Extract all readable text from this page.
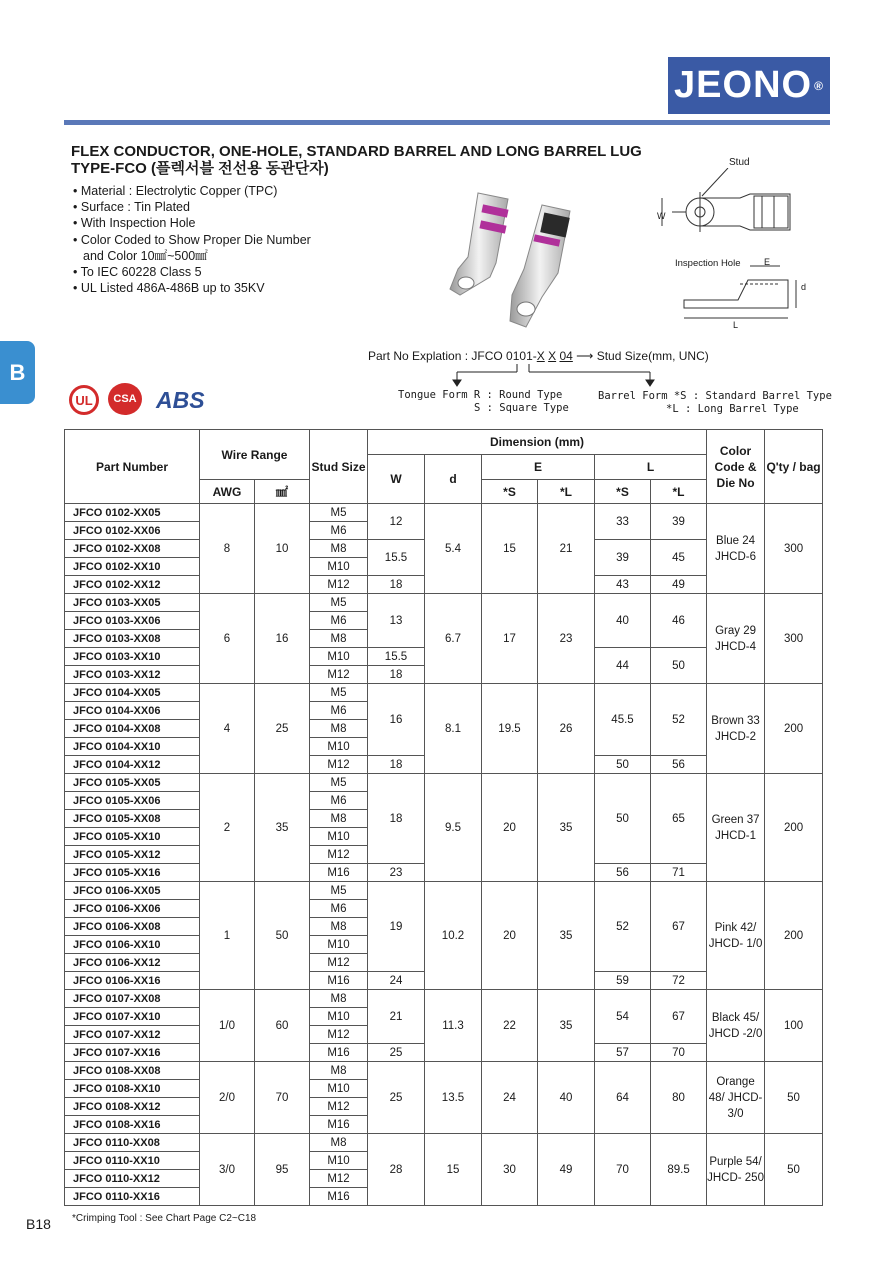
JEONO ®
FLEX CONDUCTOR, ONE-HOLE, STANDARD BARREL AND LONG BARREL LUG
TYPE-FCO (플렉서블 전선용 동관단자)
• Material : Electrolytic Copper (TPC)
• Surface : Tin Plated
• With Inspection Hole
• Color Coded to Show Proper Die Number
and Color 10㎟~500㎟
• To IEC 60228 Class 5
• UL Listed 486A-486B up to 35KV
Stud
W
Inspection Hole	E
d
L
B
UL	CSA ABS
Part No Explation : JFCO 0101-X X 04 ⟶ Stud Size(mm, UNC)
Tongue Form R : Round Type
S : Square Type
Barrel Form *S : Standard Barrel Type
*L : Long Barrel Type
Part Number	Wire Range		Stud Size	Dimension (mm)						Color Code & Die No	Q'ty / bag
				W	d	E		L			
	AWG	㎟				*S	*L	*S	*L		
JFCO 0102-XX05	8	10	M5	12	5.4	15	21	33	39	Blue 24 JHCD-6	300
JFCO 0102-XX06			M6								
JFCO 0102-XX08			M8	15.5				39	45		
JFCO 0102-XX10			M10								
JFCO 0102-XX12			M12	18				43	49		
JFCO 0103-XX05	6	16	M5	13	6.7	17	23	40	46	Gray 29 JHCD-4	300
JFCO 0103-XX06			M6								
JFCO 0103-XX08			M8								
JFCO 0103-XX10			M10	15.5				44	50		
JFCO 0103-XX12			M12	18							
JFCO 0104-XX05	4	25	M5	16	8.1	19.5	26	45.5	52	Brown 33 JHCD-2	200
JFCO 0104-XX06			M6								
JFCO 0104-XX08			M8								
JFCO 0104-XX10			M10								
JFCO 0104-XX12			M12	18				50	56		
JFCO 0105-XX05	2	35	M5	18	9.5	20	35	50	65	Green 37 JHCD-1	200
JFCO 0105-XX06			M6								
JFCO 0105-XX08			M8								
JFCO 0105-XX10			M10								
JFCO 0105-XX12			M12								
JFCO 0105-XX16			M16	23				56	71		
JFCO 0106-XX05	1	50	M5	19	10.2	20	35	52	67	Pink 42/ JHCD- 1/0	200
JFCO 0106-XX06			M6								
JFCO 0106-XX08			M8								
JFCO 0106-XX10			M10								
JFCO 0106-XX12			M12								
JFCO 0106-XX16			M16	24				59	72		
JFCO 0107-XX08	1/0	60	M8	21	11.3	22	35	54	67	Black 45/ JHCD -2/0	100
JFCO 0107-XX10			M10								
JFCO 0107-XX12			M12								
JFCO 0107-XX16			M16	25				57	70		
JFCO 0108-XX08	2/0	70	M8	25	13.5	24	40	64	80	Orange 48/ JHCD- 3/0	50
JFCO 0108-XX10			M10								
JFCO 0108-XX12			M12								
JFCO 0108-XX16			M16								
JFCO 0110-XX08	3/0	95	M8	28	15	30	49	70	89.5	Purple 54/ JHCD- 250	50
JFCO 0110-XX10			M10								
JFCO 0110-XX12			M12								
JFCO 0110-XX16			M16								
B18 *Crimping Tool : See Chart Page C2~C18
